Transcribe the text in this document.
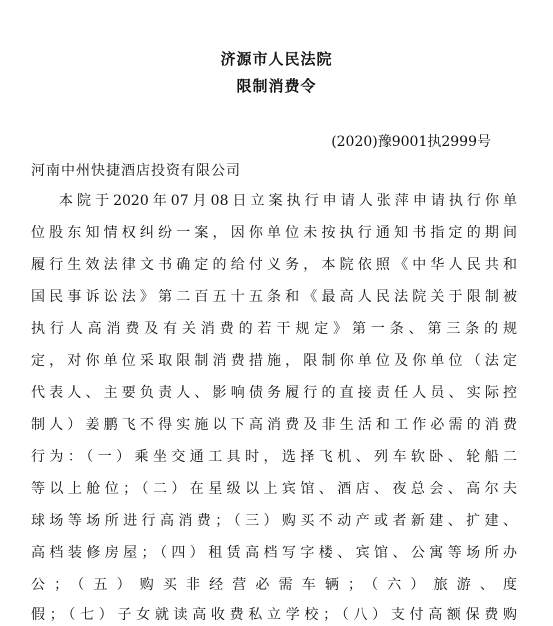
济源市人民法院
限制消费令
(2020)豫9001执2999号
河南中州快捷酒店投资有限公司
本院于2020年07月08日立案执行申请人张萍申请执行你单
位股东知情权纠纷一案，因你单位未按执行通知书指定的期间
履行生效法律文书确定的给付义务，本院依照《中华人民共和
国民事诉讼法》第二百五十五条和《最高人民法院关于限制被
执行人高消费及有关消费的若干规定》第一条、第三条的规
定，对你单位采取限制消费措施，限制你单位及你单位（法定
代表人、主要负责人、影响债务履行的直接责任人员、实际控
制人）姜鹏飞不得实施以下高消费及非生活和工作必需的消费
行为：（一）乘坐交通工具时，选择飞机、列车软卧、轮船二
等以上舱位；（二）在星级以上宾馆、酒店、夜总会、高尔夫
球场等场所进行高消费；（三）购买不动产或者新建、扩建、
高档装修房屋；（四）租赁高档写字楼、宾馆、公寓等场所办
公；（五）购买非经营必需车辆；（六）旅游、度
假；（七）子女就读高收费私立学校；（八）支付高额保费购
